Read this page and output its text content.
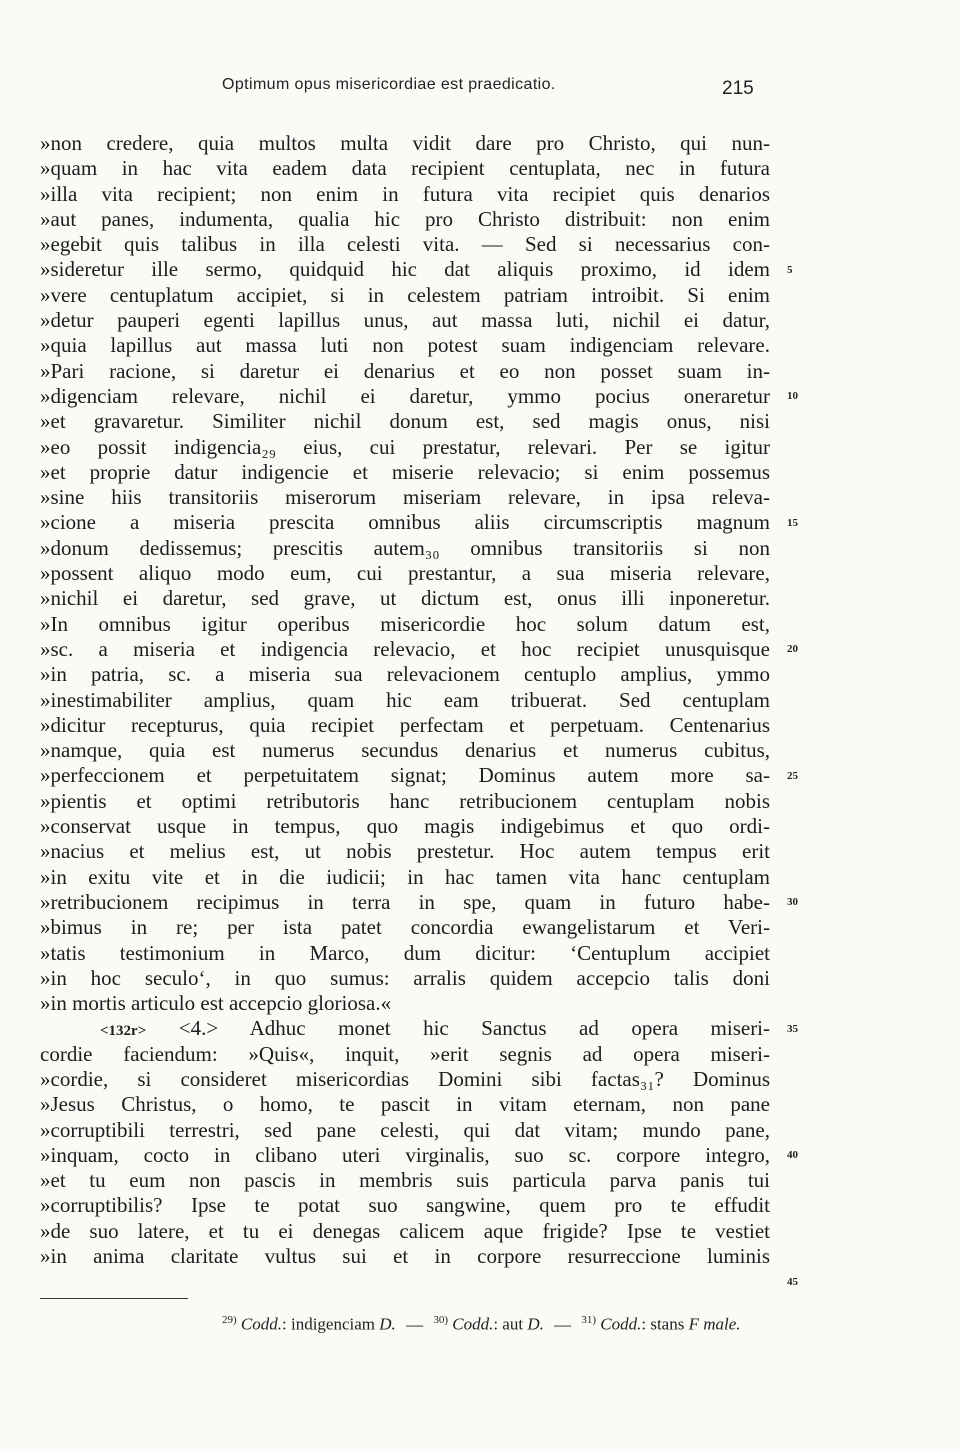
Optimum opus misericordiae est praedicatio.	215
»non credere, quia multos multa vidit dare pro Christo, qui nun-
»quam in hac vita eadem data recipient centuplata, nec in futura
»illa vita recipient; non enim in futura vita recipiet quis denarios
»aut panes, indumenta, qualia hic pro Christo distribuit: non enim
»egebit quis talibus in illa celesti vita. — Sed si necessarius con-
»sideretur ille sermo, quidquid hic dat aliquis proximo, id idem
»vere centuplatum accipiet, si in celestem patriam introibit. Si enim
»detur pauperi egenti lapillus unus, aut massa luti, nichil ei datur,
»quia lapillus aut massa luti non potest suam indigenciam relevare.
»Pari racione, si daretur ei denarius et eo non posset suam in-
»digenciam relevare, nichil ei daretur, ymmo pocius oneraretur
»et gravaretur. Similiter nichil donum est, sed magis onus, nisi
»eo possit indigencia₂₉ eius, cui prestatur, relevari. Per se igitur
»et proprie datur indigencie et miserie relevacio; si enim possemus
»sine hiis transitoriis miserorum miseriam relevare, in ipsa releva-
»cione a miseria prescita omnibus aliis circumscriptis magnum
»donum dedissemus; prescitis autem₃₀ omnibus transitoriis si non
»possent aliquo modo eum, cui prestantur, a sua miseria relevare,
»nichil ei daretur, sed grave, ut dictum est, onus illi inponeretur.
»In omnibus igitur operibus misericordie hoc solum datum est,
»sc. a miseria et indigencia relevacio, et hoc recipiet unusquisque
»in patria, sc. a miseria sua relevacionem centuplo amplius, ymmo
»inestimabiliter amplius, quam hic eam tribuerat. Sed centuplam
»dicitur recepturus, quia recipiet perfectam et perpetuam. Centenarius
»namque, quia est numerus secundus denarius et numerus cubitus,
»perfeccionem et perpetuitatem signat; Dominus autem more sa-
»pientis et optimi retributoris hanc retribucionem centuplam nobis
»conservat usque in tempus, quo magis indigebimus et quo ordi-
»nacius et melius est, ut nobis prestetur. Hoc autem tempus erit
»in exitu vite et in die iudicii; in hac tamen vita hanc centuplam
»retribucionem recipimus in terra in spe, quam in futuro habe-
»bimus in re; per ista patet concordia ewangelistarum et Veri-
»tatis testimonium in Marco, dum dicitur: ‘Centuplum accipiet
»in hoc seculo‘, in quo sumus: arralis quidem accepcio talis doni
»in mortis articulo est accepcio gloriosa.«
<132r> <4.> Adhuc monet hic Sanctus ad opera miseri-
cordie faciendum: »Quis«, inquit, »erit segnis ad opera miseri-
»cordie, si consideret misericordias Domini sibi factas₃₁? Dominus
»Jesus Christus, o homo, te pascit in vitam eternam, non pane
»corruptibili terrestri, sed pane celesti, qui dat vitam; mundo pane,
»inquam, cocto in clibano uteri virginalis, suo sc. corpore integro,
»et tu eum non pascis in membris suis particula parva panis tui
»corruptibilis? Ipse te potat suo sangwine, quem pro te effudit
»de suo latere, et tu ei denegas calicem aque frigide? Ipse te vestiet
»in anima claritate vultus sui et in corpore resurreccione luminis
5
10
15
20
25
30
35
40
45
$^{29)}$ Codd.: indigenciam D. — $^{30)}$ Codd.: aut D. — $^{31)}$ Codd.: stans F male.
